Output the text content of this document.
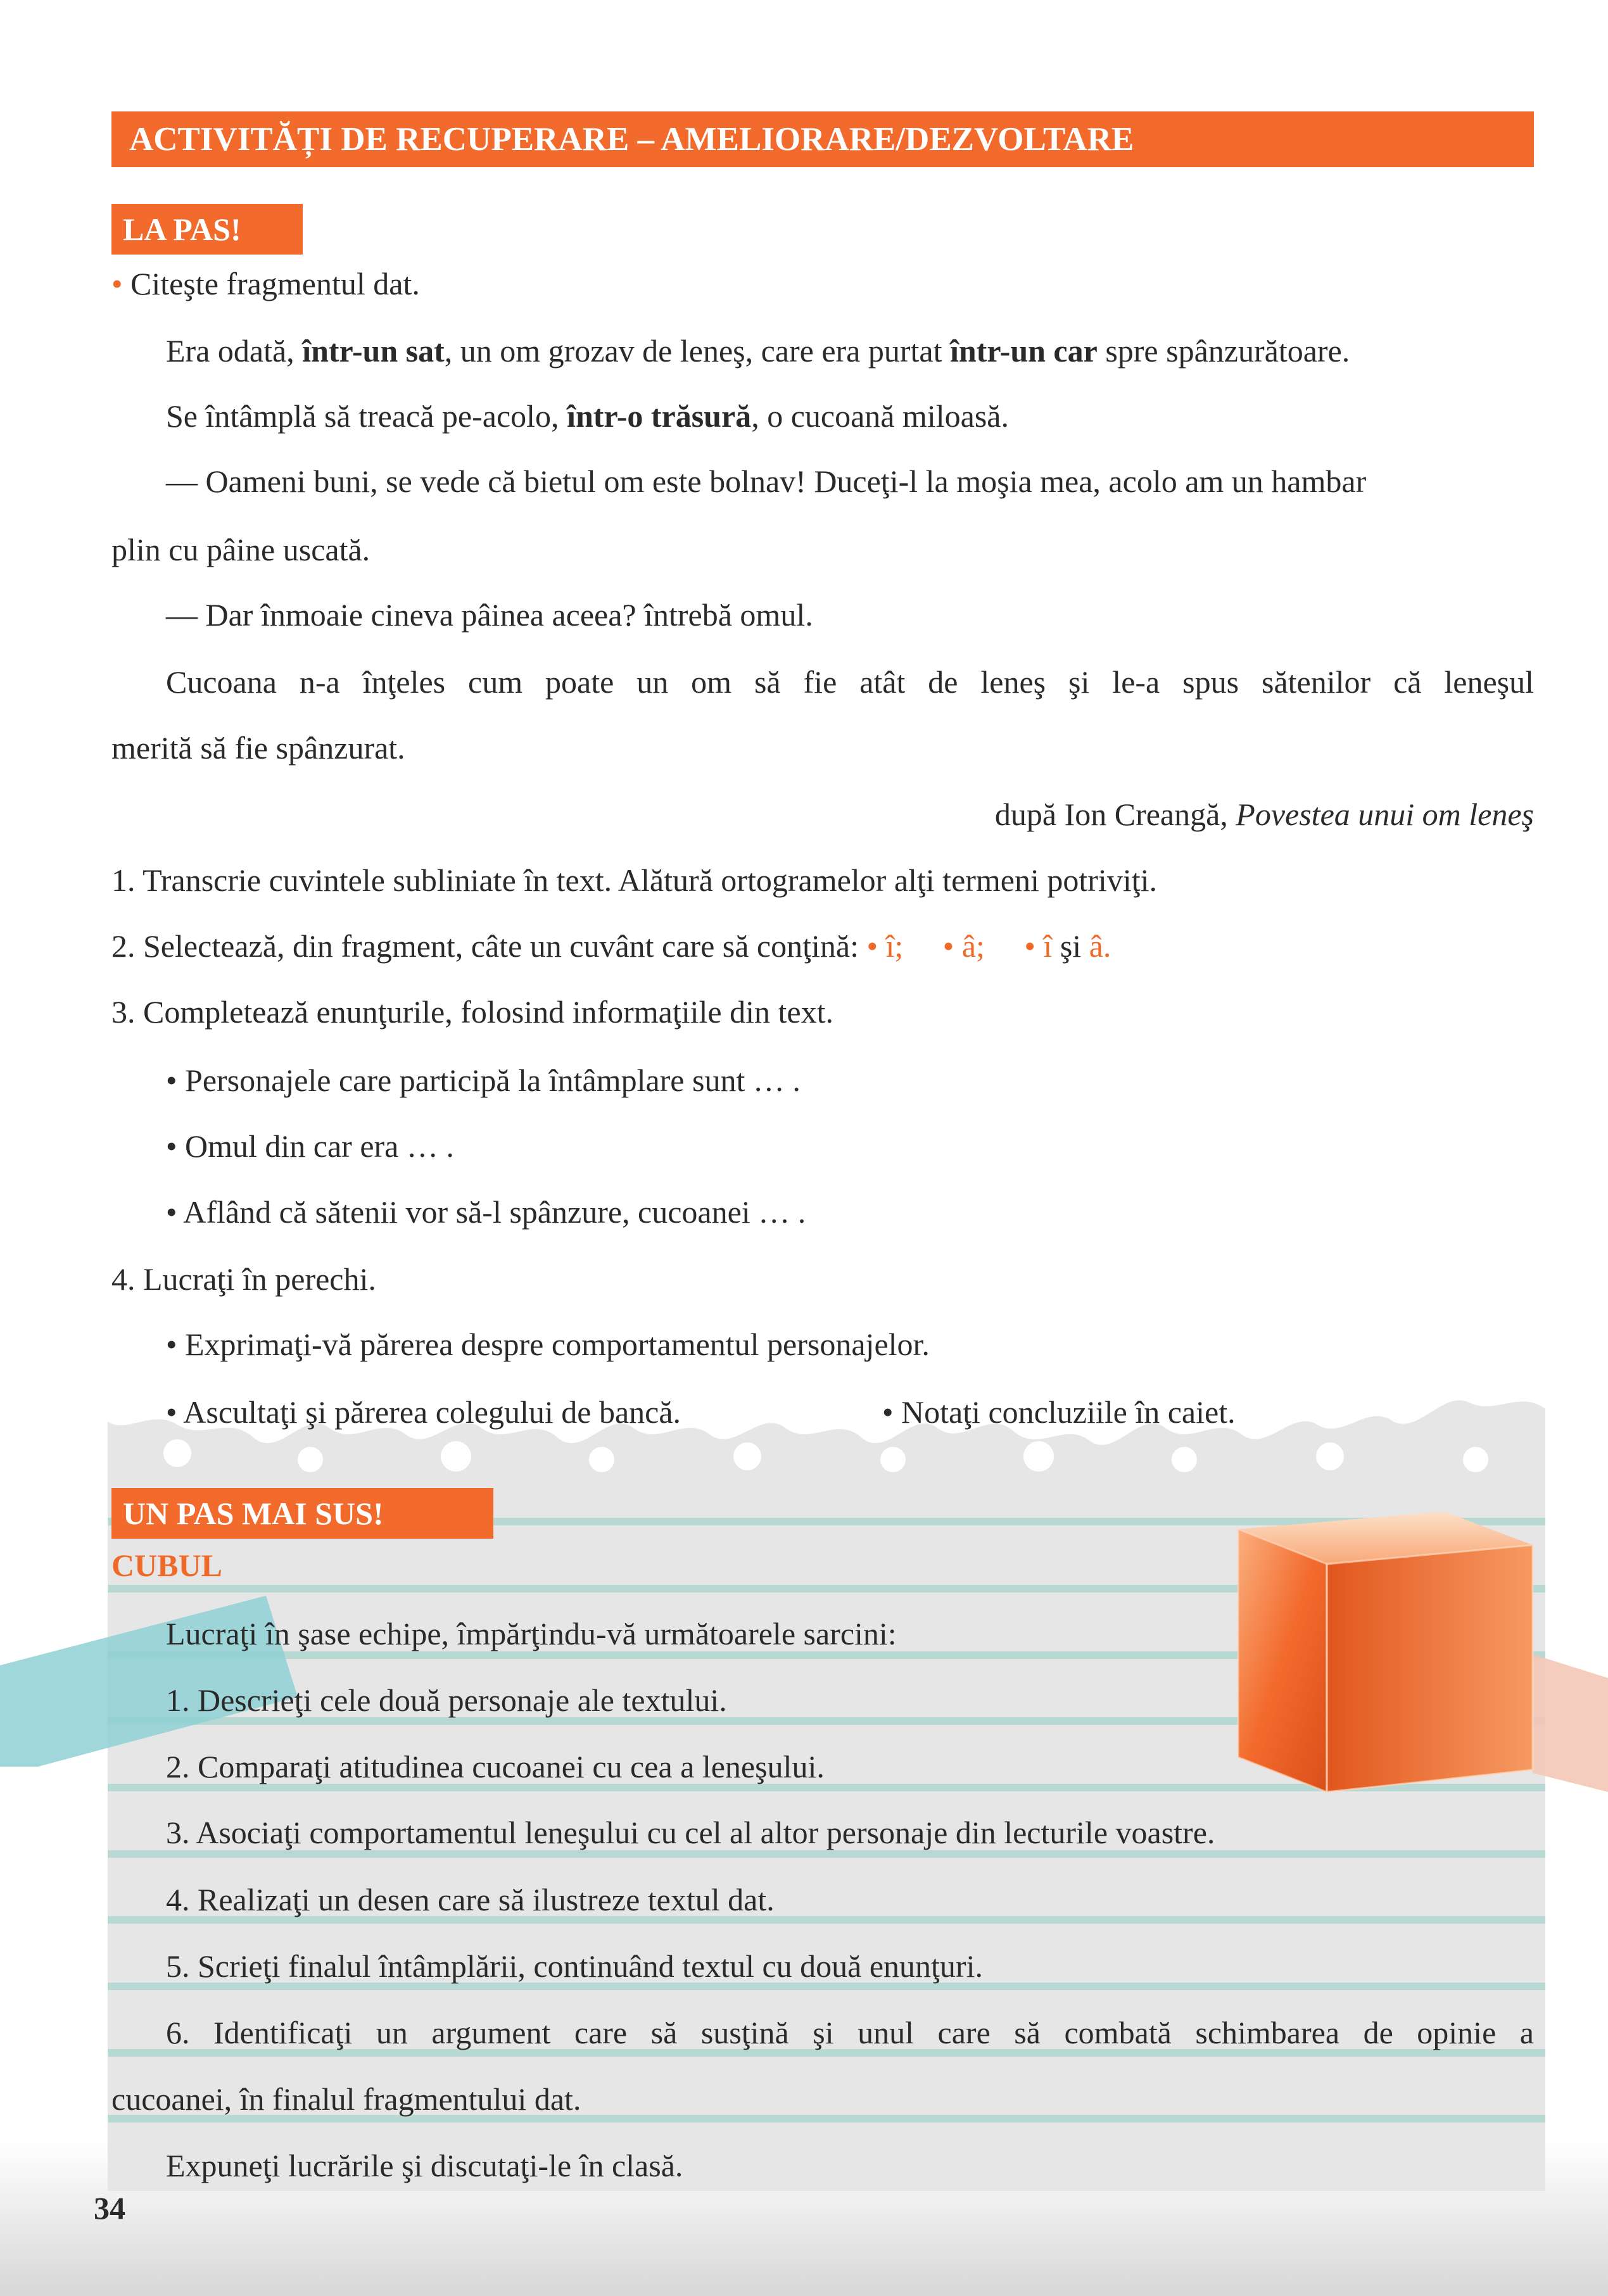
ACTIVITĂȚI DE RECUPERARE – AMELIORARE/DEZVOLTARE
LA PAS!
• Citeşte fragmentul dat.
Era odată, într-un sat, un om grozav de leneş, care era purtat într-un car spre spânzurătoare.
Se întâmplă să treacă pe-acolo, într-o trăsură, o cucoană miloasă.
— Oameni buni, se vede că bietul om este bolnav! Duceţi-l la moşia mea, acolo am un hambar
plin cu pâine uscată.
— Dar înmoaie cineva pâinea aceea? întrebă omul.
Cucoana n-a înţeles cum poate un om să fie atât de leneş şi le-a spus sătenilor că leneşul
merită să fie spânzurat.
după Ion Creangă, Povestea unui om leneş
1. Transcrie cuvintele subliniate în text. Alătură ortogramelor alţi termeni potriviţi.
2. Selectează, din fragment, câte un cuvânt care să conţină: • î; • â; • î şi â.
3. Completează enunţurile, folosind informaţiile din text.
• Personajele care participă la întâmplare sunt … .
• Omul din car era … .
• Aflând că sătenii vor să-l spânzure, cucoanei … .
4. Lucraţi în perechi.
• Exprimaţi-vă părerea despre comportamentul personajelor.
• Ascultaţi şi părerea colegului de bancă.	• Notaţi concluziile în caiet.
UN PAS MAI SUS!
CUBUL
Lucraţi în şase echipe, împărţindu-vă următoarele sarcini:
1. Descrieţi cele două personaje ale textului.
2. Comparaţi atitudinea cucoanei cu cea a leneşului.
3. Asociaţi comportamentul leneşului cu cel al altor personaje din lecturile voastre.
4. Realizaţi un desen care să ilustreze textul dat.
5. Scrieţi finalul întâmplării, continuând textul cu două enunţuri.
6. Identificaţi un argument care să susţină şi unul care să combată schimbarea de opinie a
cucoanei, în finalul fragmentului dat.
Expuneţi lucrările şi discutaţi-le în clasă.
34
